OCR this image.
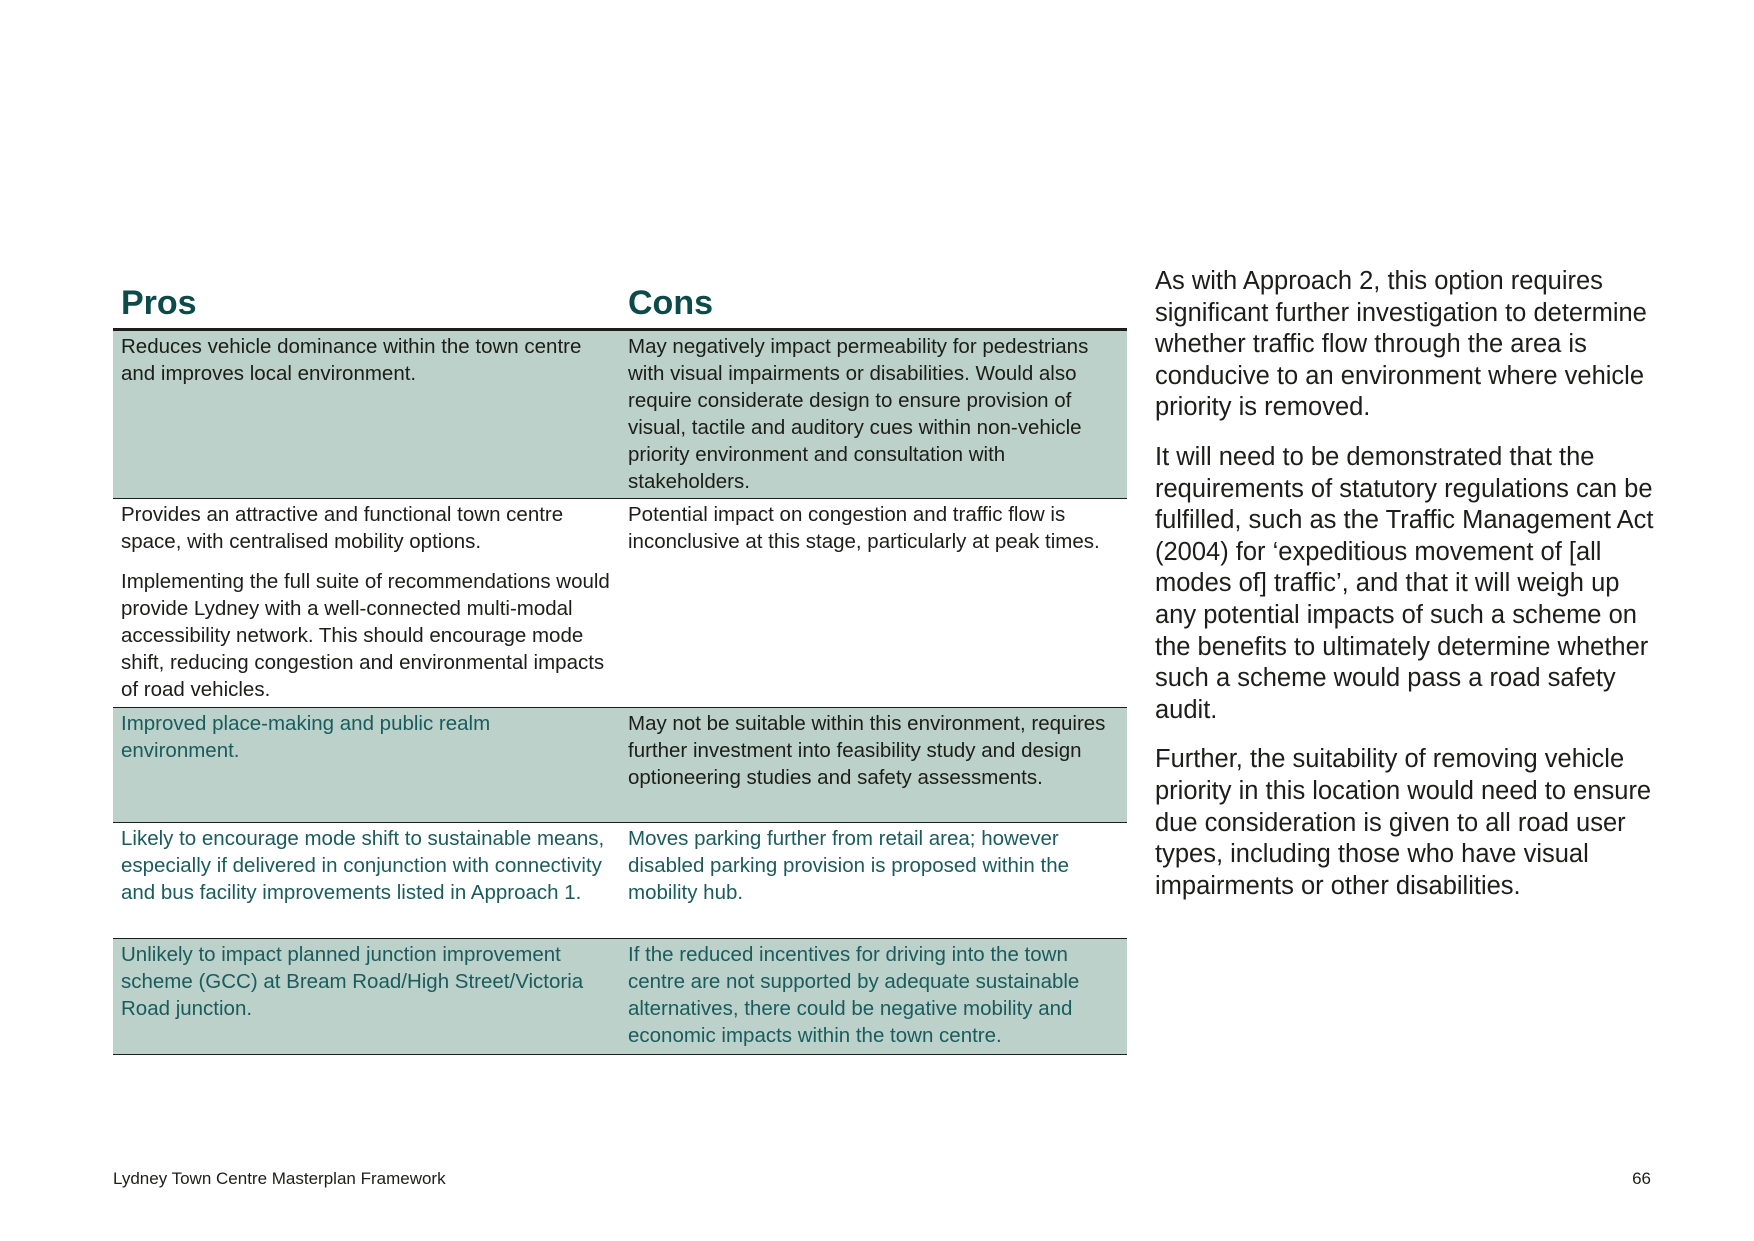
Pros	Cons

Reduces vehicle dominance within the town centre and improves local environment.

May negatively impact permeability for pedestrians with visual impairments or disabilities. Would also require considerate design to ensure provision of visual, tactile and auditory cues within non-vehicle priority environment and consultation with stakeholders.

Provides an attractive and functional town centre space, with centralised mobility options.

Implementing the full suite of recommendations would provide Lydney with a well-connected multi-modal accessibility network. This should encourage mode shift, reducing congestion and environmental impacts of road vehicles.

Potential impact on congestion and traffic flow is inconclusive at this stage, particularly at peak times.

Improved place-making and public realm environment.

May not be suitable within this environment, requires further investment into feasibility study and design optioneering studies and safety assessments.

Likely to encourage mode shift to sustainable means, especially if delivered in conjunction with connectivity and bus facility improvements listed in Approach 1.

Moves parking further from retail area; however disabled parking provision is proposed within the mobility hub.

Unlikely to impact planned junction improvement scheme (GCC) at Bream Road/High Street/Victoria Road junction.

If the reduced incentives for driving into the town centre are not supported by adequate sustainable alternatives, there could be negative mobility and economic impacts within the town centre.

As with Approach 2, this option requires significant further investigation to determine whether traffic flow through the area is conducive to an environment where vehicle priority is removed.

It will need to be demonstrated that the requirements of statutory regulations can be fulfilled, such as the Traffic Management Act (2004) for ‘expeditious movement of [all modes of] traffic’, and that it will weigh up any potential impacts of such a scheme on the benefits to ultimately determine whether such a scheme would pass a road safety audit.

Further, the suitability of removing vehicle priority in this location would need to ensure due consideration is given to all road user types, including those who have visual impairments or other disabilities.

Lydney Town Centre Masterplan Framework	66
